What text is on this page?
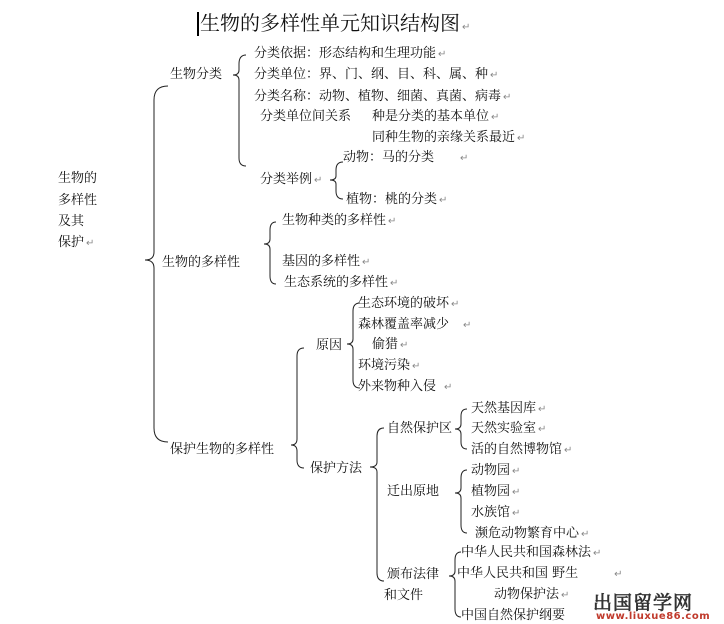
生物的多样性单元知识结构图 ↵
生物的
多样性
及其
保护 ↵
生物分类
分类依据：形态结构和生理功能 ↵
分类单位：界、门、纲、目、科、属、种 ↵
分类名称：动物、植物、细菌、真菌、病毒 ↵
分类单位间关系 种是分类的基本单位 ↵
同种生物的亲缘关系最近 ↵
分类举例 ↵
动物：马的分类	↵
植物：桃的分类 ↵
生物的多样性
生物种类的多样性 ↵
基因的多样性 ↵
生态系统的多样性 ↵
保护生物的多样性
原因
生态环境的破坏 ↵
森林覆盖率减少 ↵
偷猎 ↵
环境污染 ↵
外来物种入侵 ↵
保护方法
自然保护区
天然基因库 ↵
天然实验室 ↵
活的自然博物馆 ↵
迁出原地
动物园 ↵
植物园 ↵
水族馆 ↵
濒危动物繁育中心 ↵
颁布法律
和文件
中华人民共和国森林法 ↵
中华人民共和国 野生	↵
动物保护法 ↵
中国自然保护纲要
出国留学网
www.liuxue86.com
